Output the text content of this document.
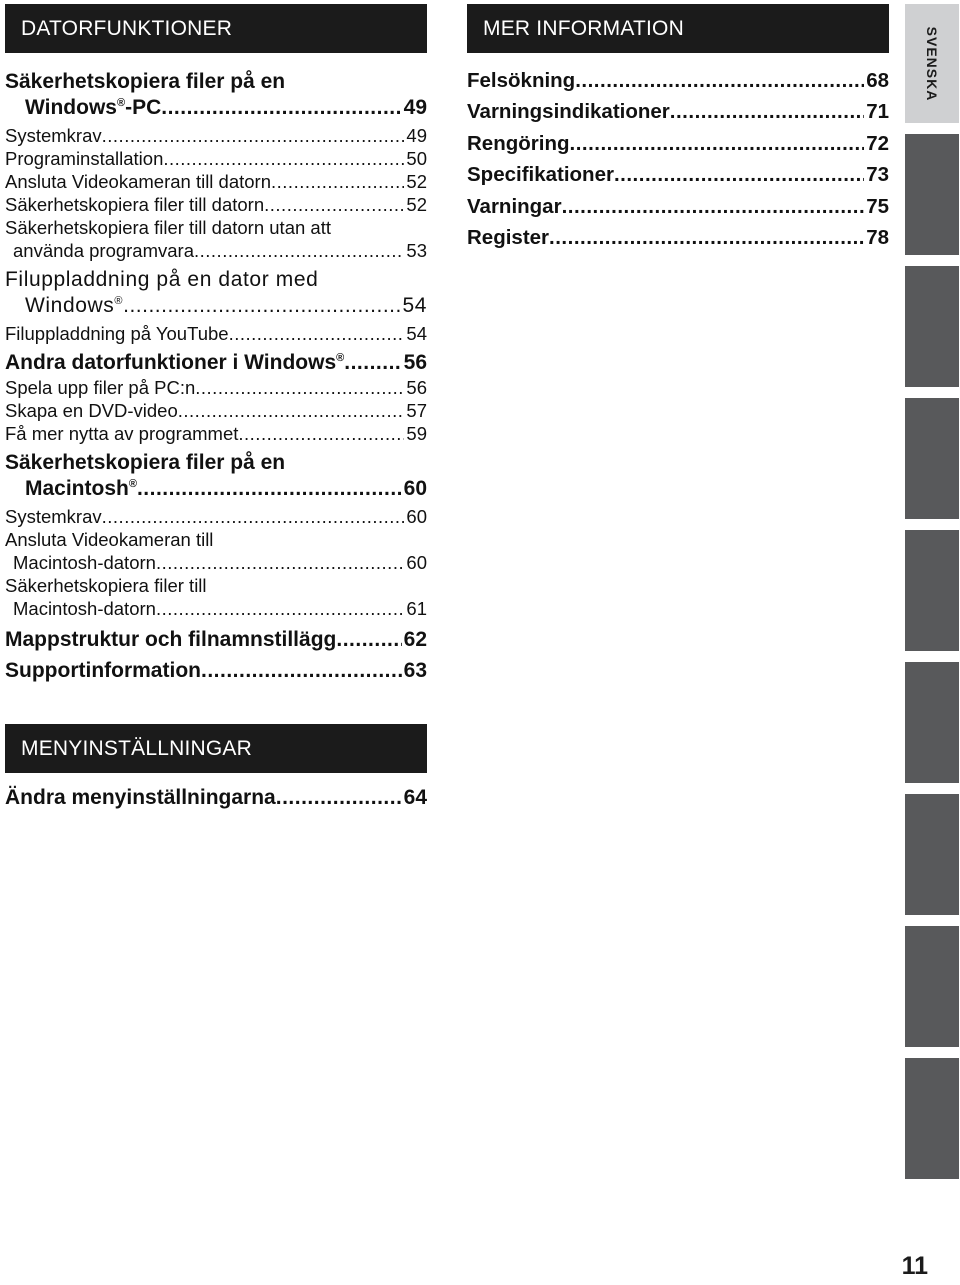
DATORFUNKTIONER
Säkerhetskopiera filer på en
Windows®-PC .....	49
Systemkrav .....	49
Programinstallation .....	50
Ansluta Videokameran till datorn .....	52
Säkerhetskopiera filer till datorn .....	52
Säkerhetskopiera filer till datorn utan att
använda programvara .....	53
Filuppladdning på en dator med
Windows® .....	54
Filuppladdning på YouTube .....	54
Andra datorfunktioner i Windows® .....	56
Spela upp filer på PC:n .....	56
Skapa en DVD-video .....	57
Få mer nytta av programmet .....	59
Säkerhetskopiera filer på en
Macintosh® .....	60
Systemkrav .....	60
Ansluta Videokameran till
Macintosh-datorn .....	60
Säkerhetskopiera filer till
Macintosh-datorn .....	61
Mappstruktur och filnamnstillägg .....	62
Supportinformation .....	63
MENYINSTÄLLNINGAR
Ändra menyinställningarna .....	64
MER INFORMATION
Felsökning .....	68
Varningsindikationer .....	71
Rengöring .....	72
Specifikationer .....	73
Varningar .....	75
Register .....	78
SVENSKA
11
